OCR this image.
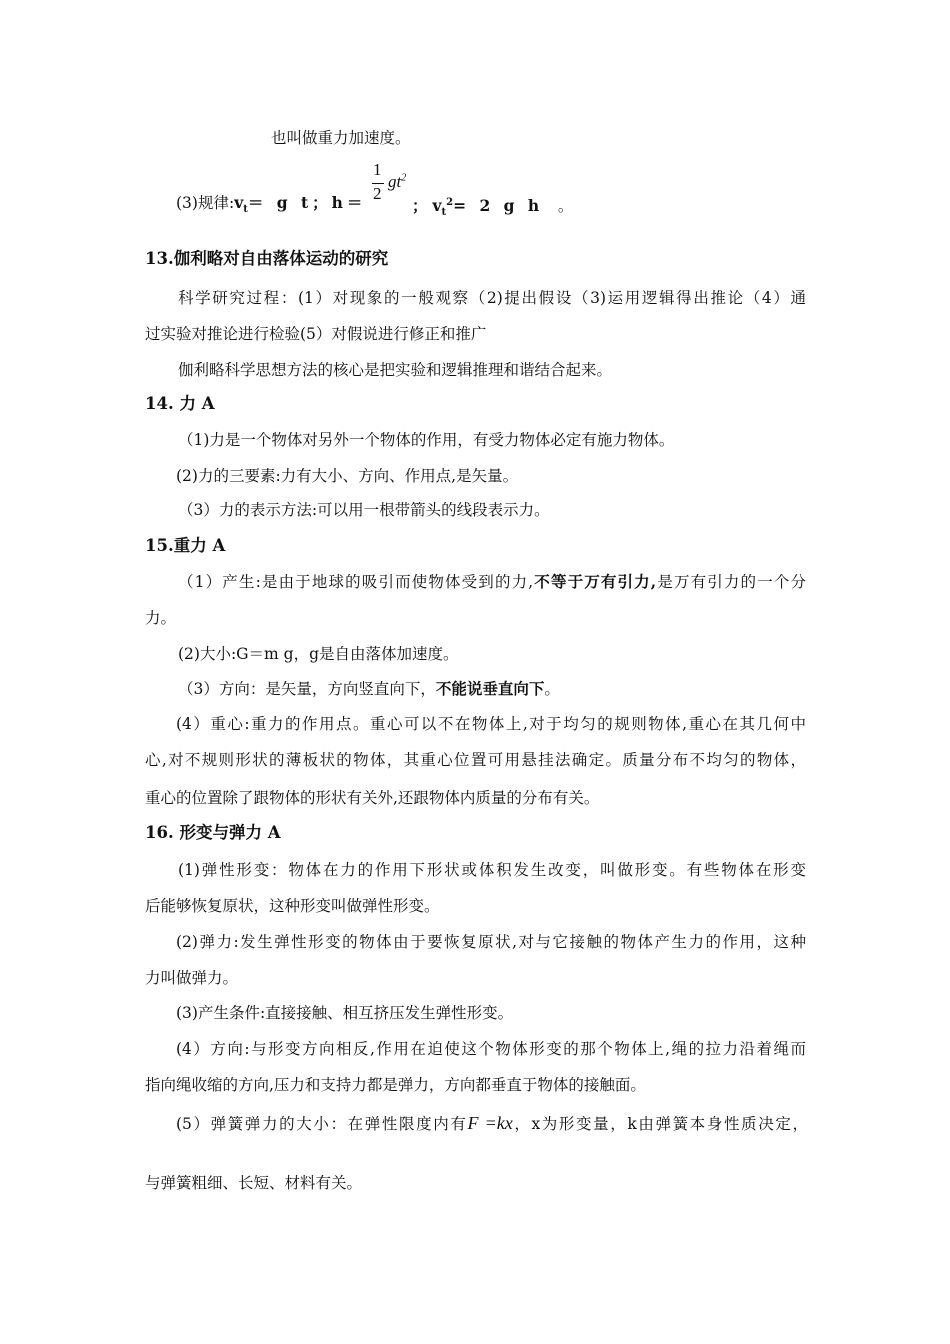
也叫做重力加速度。
(3)规律$:v_t= g$ t；h＝
1
2
$gt^2$
； $v_t^2= 2$ g h 。
13.伽利略对自由落体运动的研究
科学研究过程：(1）对现象的一般观察（2)提出假设（3)运用逻辑得出推论（4）通
过实验对推论进行检验(5）对假说进行修正和推广
伽利略科学思想方法的核心是把实验和逻辑推理和谐结合起来。
14. 力 A
（1)力是一个物体对另外一个物体的作用，有受力物体必定有施力物体。
(2)力的三要素:力有大小、方向、作用点,是矢量。
（3）力的表示方法:可以用一根带箭头的线段表示力。
15.重力 A
（1）产生:是由于地球的吸引而使物体受到的力,不等于万有引力,是万有引力的一个分
力。
(2)大小:G＝m g，g是自由落体加速度。
（3）方向：是矢量，方向竖直向下，不能说垂直向下。
(4）重心:重力的作用点。重心可以不在物体上,对于均匀的规则物体,重心在其几何中
心,对不规则形状的薄板状的物体，其重心位置可用悬挂法确定。质量分布不均匀的物体，
重心的位置除了跟物体的形状有关外,还跟物体内质量的分布有关。
16. 形变与弹力 A
(1)弹性形变：物体在力的作用下形状或体积发生改变，叫做形变。有些物体在形变
后能够恢复原状，这种形变叫做弹性形变。
(2)弹力:发生弹性形变的物体由于要恢复原状,对与它接触的物体产生力的作用，这种
力叫做弹力。
(3)产生条件:直接接触、相互挤压发生弹性形变。
(4）方向:与形变方向相反,作用在迫使这个物体形变的那个物体上,绳的拉力沿着绳而
指向绳收缩的方向,压力和支持力都是弹力，方向都垂直于物体的接触面。
(5）弹簧弹力的大小：在弹性限度内有F =kx，x为形变量，k由弹簧本身性质决定，
与弹簧粗细、长短、材料有关。
